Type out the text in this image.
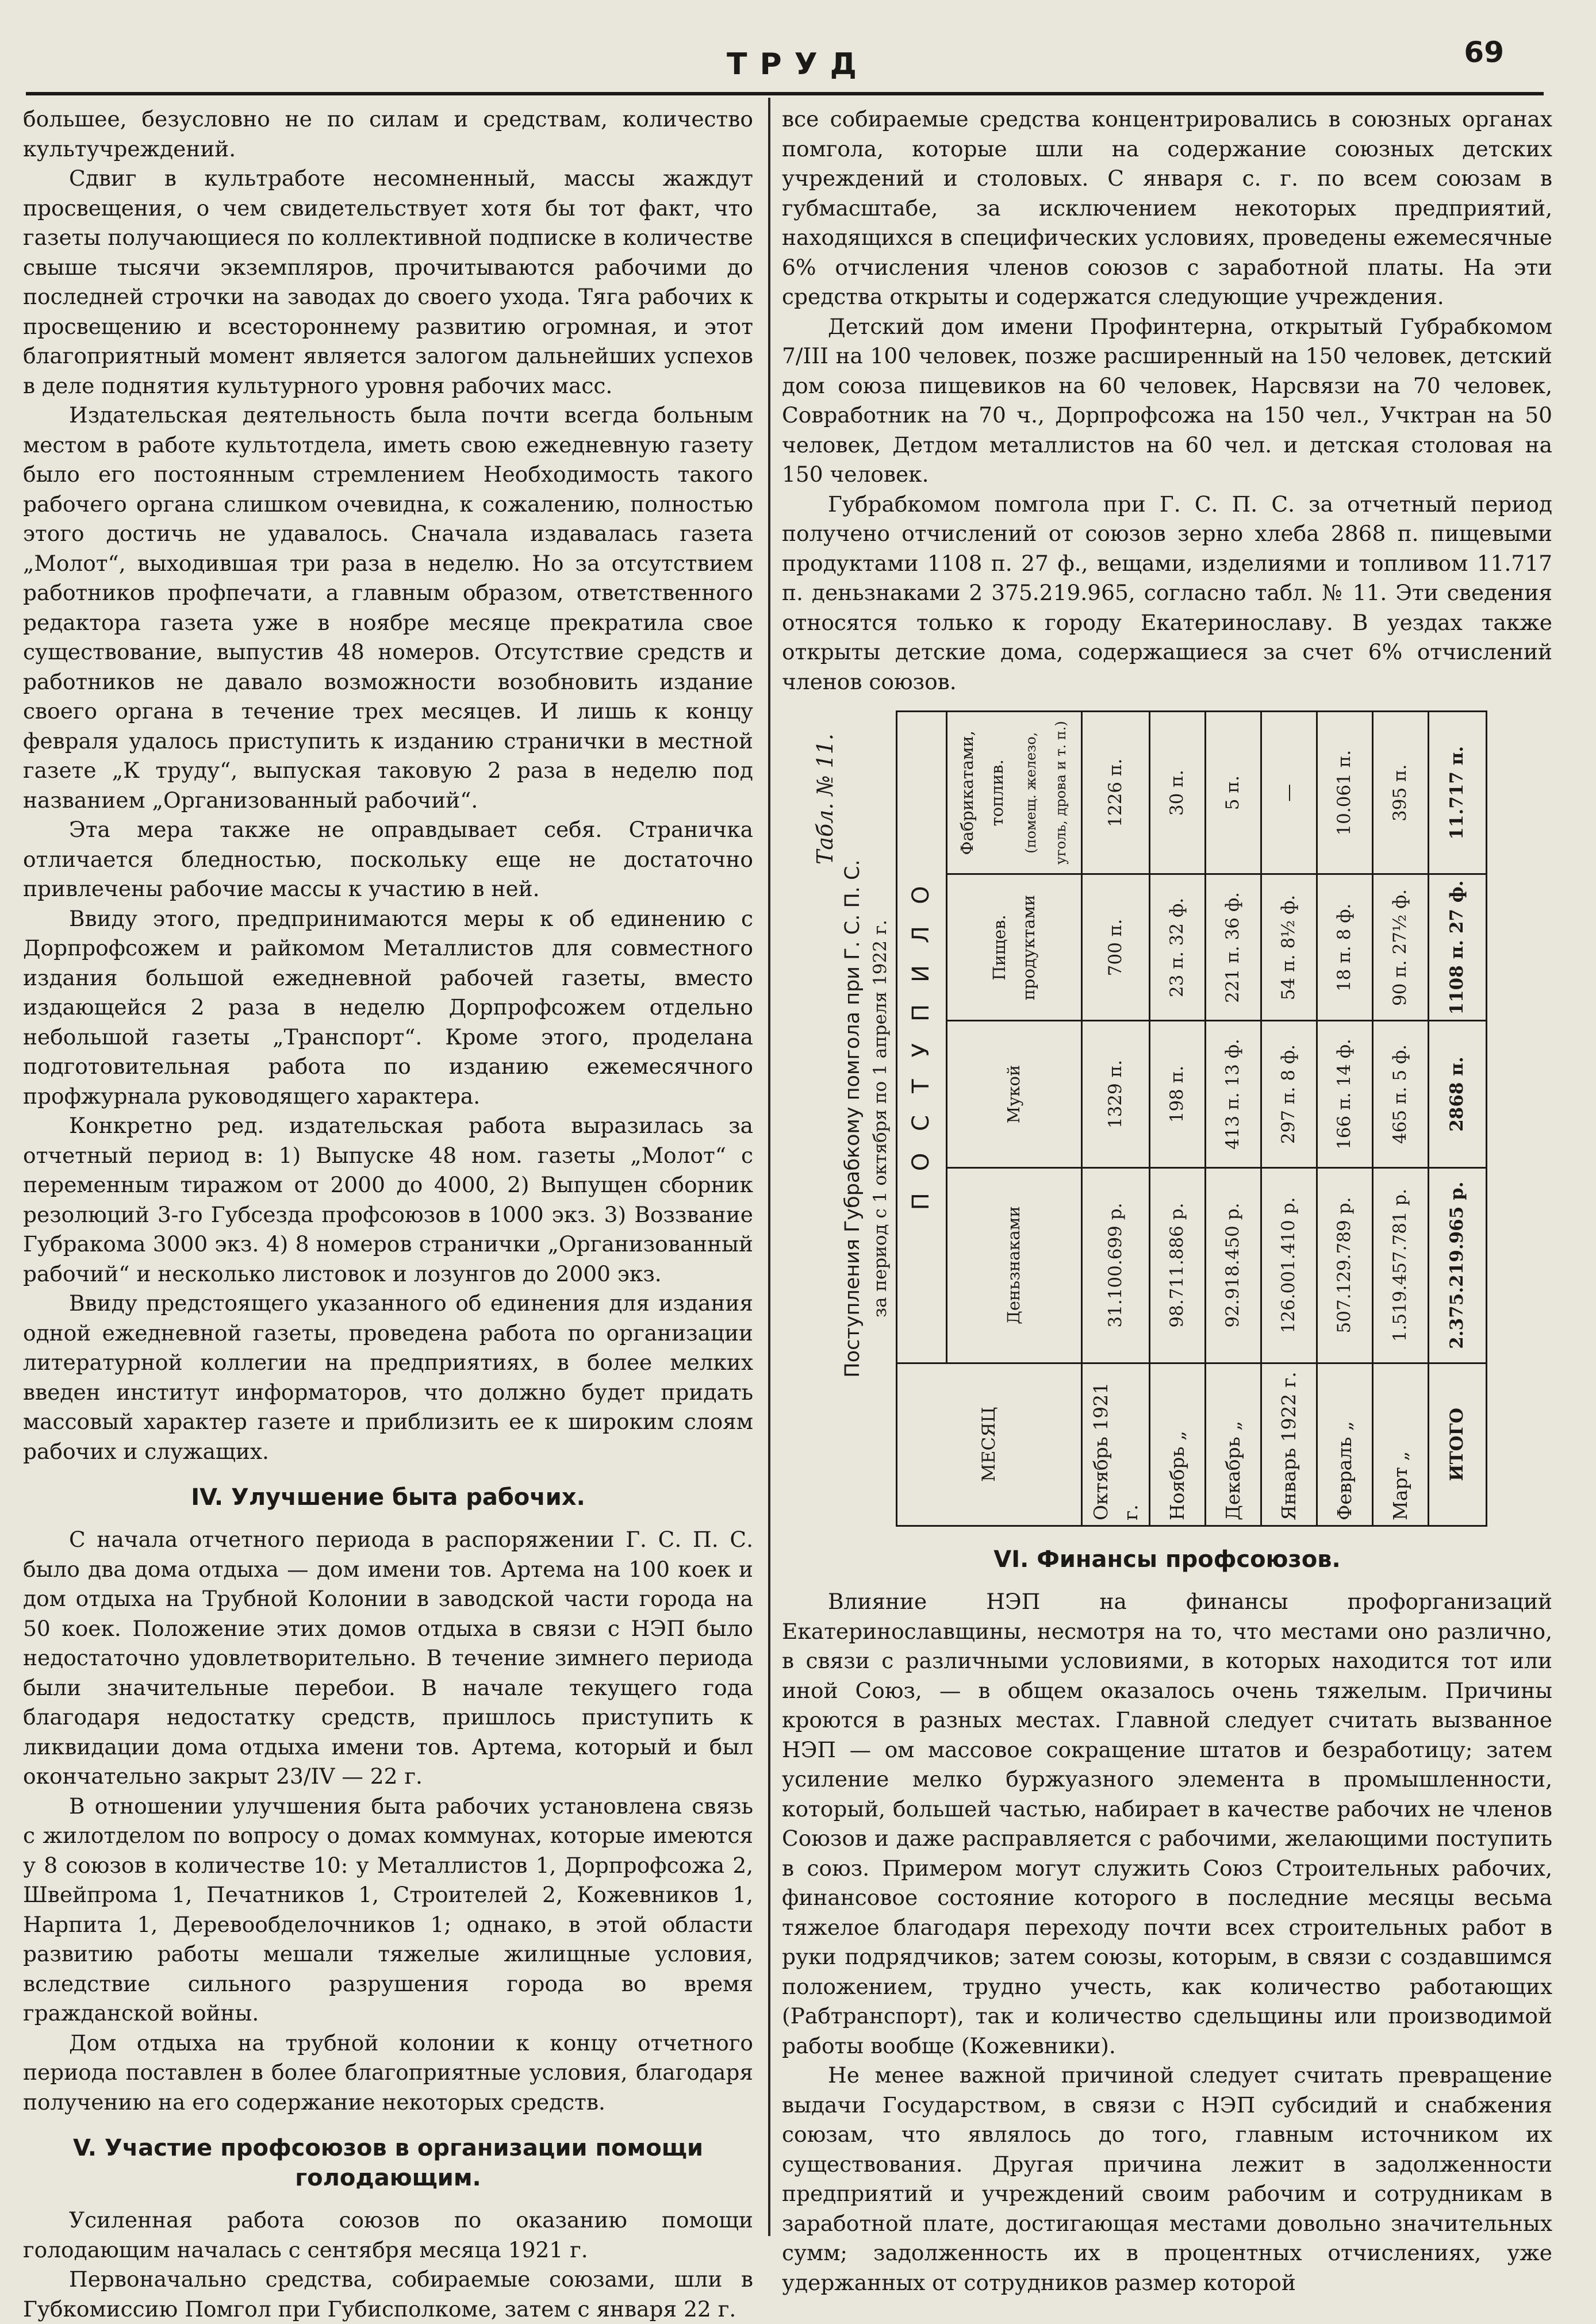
ТРУД	69

большее, безусловно не по силам и средствам, количество культучреждений.

Сдвиг в культработе несомненный, массы жаждут просвещения, о чем свидетельствует хотя бы тот факт, что газеты получающиеся по коллективной подписке в количестве свыше тысячи экземпляров, прочитываются рабочими до последней строчки на заводах до своего ухода. Тяга рабочих к просвещению и всестороннему развитию огромная, и этот благоприятный момент является залогом дальнейших успехов в деле поднятия культурного уровня рабочих масс.

Издательская деятельность была почти всегда больным местом в работе культотдела, иметь свою ежедневную газету было его постоянным стремлением Необходимость такого рабочего органа слишком очевидна, к сожалению, полностью этого достичь не удавалось. Сначала издавалась газета „Молот“, выходившая три раза в неделю. Но за отсутствием работников профпечати, а главным образом, ответственного редактора газета уже в ноябре месяце прекратила свое существование, выпустив 48 номеров. Отсутствие средств и работников не давало возможности возобновить издание своего органа в течение трех месяцев. И лишь к концу февраля удалось приступить к изданию странички в местной газете „К труду“, выпуская таковую 2 раза в неделю под названием „Организованный рабочий“.

Эта мера также не оправдывает себя. Страничка отличается бледностью, поскольку еще не достаточно привлечены рабочие массы к участию в ней.

Ввиду этого, предпринимаются меры к об единению с Дорпрофсожем и райкомом Металлистов для совместного издания большой ежедневной рабочей газеты, вместо издающейся 2 раза в неделю Дорпрофсожем отдельно небольшой газеты „Транспорт“. Кроме этого, проделана подготовительная работа по изданию ежемесячного профжурнала руководящего характера.

Конкретно ред. издательская работа выразилась за отчетный период в: 1) Выпуске 48 ном. газеты „Молот“ с переменным тиражом от 2000 до 4000, 2) Выпущен сборник резолюций 3-го Губсезда профсоюзов в 1000 экз. 3) Воззвание Губракома 3000 экз. 4) 8 номеров странички „Организованный рабочий“ и несколько листовок и лозунгов до 2000 экз.

Ввиду предстоящего указанного об единения для издания одной ежедневной газеты, проведена работа по организации литературной коллегии на предприятиях, в более мелких введен институт информаторов, что должно будет придать массовый характер газете и приблизить ее к широким слоям рабочих и служащих.

IV. Улучшение быта рабочих.

С начала отчетного периода в распоряжении Г. С. П. С. было два дома отдыха — дом имени тов. Артема на 100 коек и дом отдыха на Трубной Колонии в заводской части города на 50 коек. Положение этих домов отдыха в связи с НЭП было недостаточно удовлетворительно. В течение зимнего периода были значительные перебои. В начале текущего года благодаря недостатку средств, пришлось приступить к ликвидации дома отдыха имени тов. Артема, который и был окончательно закрыт 23/IV — 22 г.

В отношении улучшения быта рабочих установлена связь с жилотделом по вопросу о домах коммунах, которые имеются у 8 союзов в количестве 10: у Металлистов 1, Дорпрофсожа 2, Швейпрома 1, Печатников 1, Строителей 2, Кожевников 1, Нарпита 1, Деревообделочников 1; однако, в этой области развитию работы мешали тяжелые жилищные условия, вследствие сильного разрушения города во время гражданской войны.

Дом отдыха на трубной колонии к концу отчетного периода поставлен в более благоприятные условия, благодаря получению на его содержание некоторых средств.

V. Участие профсоюзов в организации помощи голодающим.

Усиленная работа союзов по оказанию помощи голодающим началась с сентября месяца 1921 г.

Первоначально средства, собираемые союзами, шли в Губкомиссию Помгол при Губисполкоме, затем с января 22 г.

все собираемые средства концентрировались в союзных органах помгола, которые шли на содержание союзных детских учреждений и столовых. С января с. г. по всем союзам в губмасштабе, за исключением некоторых предприятий, находящихся в специфических условиях, проведены ежемесячные 6% отчисления членов союзов с заработной платы. На эти средства открыты и содержатся следующие учреждения.

Детский дом имени Профинтерна, открытый Губрабкомом 7/III на 100 человек, позже расширенный на 150 человек, детский дом союза пищевиков на 60 человек, Нарсвязи на 70 человек, Совработник на 70 ч., Дорпрофсожа на 150 чел., Учктран на 50 человек, Детдом металлистов на 60 чел. и детская столовая на 150 человек.

Губрабкомом помгола при Г. С. П. С. за отчетный период получено отчислений от союзов зерно хлеба 2868 п. пищевыми продуктами 1108 п. 27 ф., вещами, изделиями и топливом 11.717 п. деньзнаками 2 375.219.965, согласно табл. № 11. Эти сведения относятся только к городу Екатеринославу. В уездах также открыты детские дома, содержащиеся за счет 6% отчислений членов союзов.

Табл. № 11.
Поступления Губрабкому помгола при Г. С. П. С. за период с 1 октября по 1 апреля 1922 г.
МЕСЯЦ	ПОСТУПИЛО			
	Деньзнаками	Мукой	Пищев. продуктами	Фабрикатами, топлив. (помещ. железо, уголь, дрова и т. п.)

Октябрь 1921 г.	31.100.699 р.	1329 п.	700 п.	1226 п.
Ноябрь „	98.711.886 р.	198 п.	23 п. 32 ф.	30 п.
Декабрь „	92.918.450 р.	413 п. 13 ф.	221 п. 36 ф.	5 п.
Январь 1922 г.	126.001.410 р.	297 п. 8 ф.	54 п. 8½ ф.	—
Февраль „	507.129.789 р.	166 п. 14 ф.	18 п. 8 ф.	10.061 п.
Март „	1.519.457.781 р.	465 п. 5 ф.	90 п. 27½ ф.	395 п.
ИТОГО	2.375.219.965 р.	2868 п.	1108 п. 27 ф.	11.717 п.
VI. Финансы профсоюзов.

Влияние НЭП на финансы профорганизаций Екатеринославщины, несмотря на то, что местами оно различно, в связи с различными условиями, в которых находится тот или иной Союз, — в общем оказалось очень тяжелым. Причины кроются в разных местах. Главной следует считать вызванное НЭП — ом массовое сокращение штатов и безработицу; затем усиление мелко буржуазного элемента в промышленности, который, большей частью, набирает в качестве рабочих не членов Союзов и даже расправляется с рабочими, желающими поступить в союз. Примером могут служить Союз Строительных рабочих, финансовое состояние которого в последние месяцы весьма тяжелое благодаря переходу почти всех строительных работ в руки подрядчиков; затем союзы, которым, в связи с создавшимся положением, трудно учесть, как количество работающих (Рабтранспорт), так и количество сдельщины или производимой работы вообще (Кожевники).

Не менее важной причиной следует считать превращение выдачи Государством, в связи с НЭП субсидий и снабжения союзам, что являлось до того, главным источником их существования. Другая причина лежит в задолженности предприятий и учреждений своим рабочим и сотрудникам в заработной плате, достигающая местами довольно значительных сумм; задолженность их в процентных отчислениях, уже удержанных от сотрудников размер которой
